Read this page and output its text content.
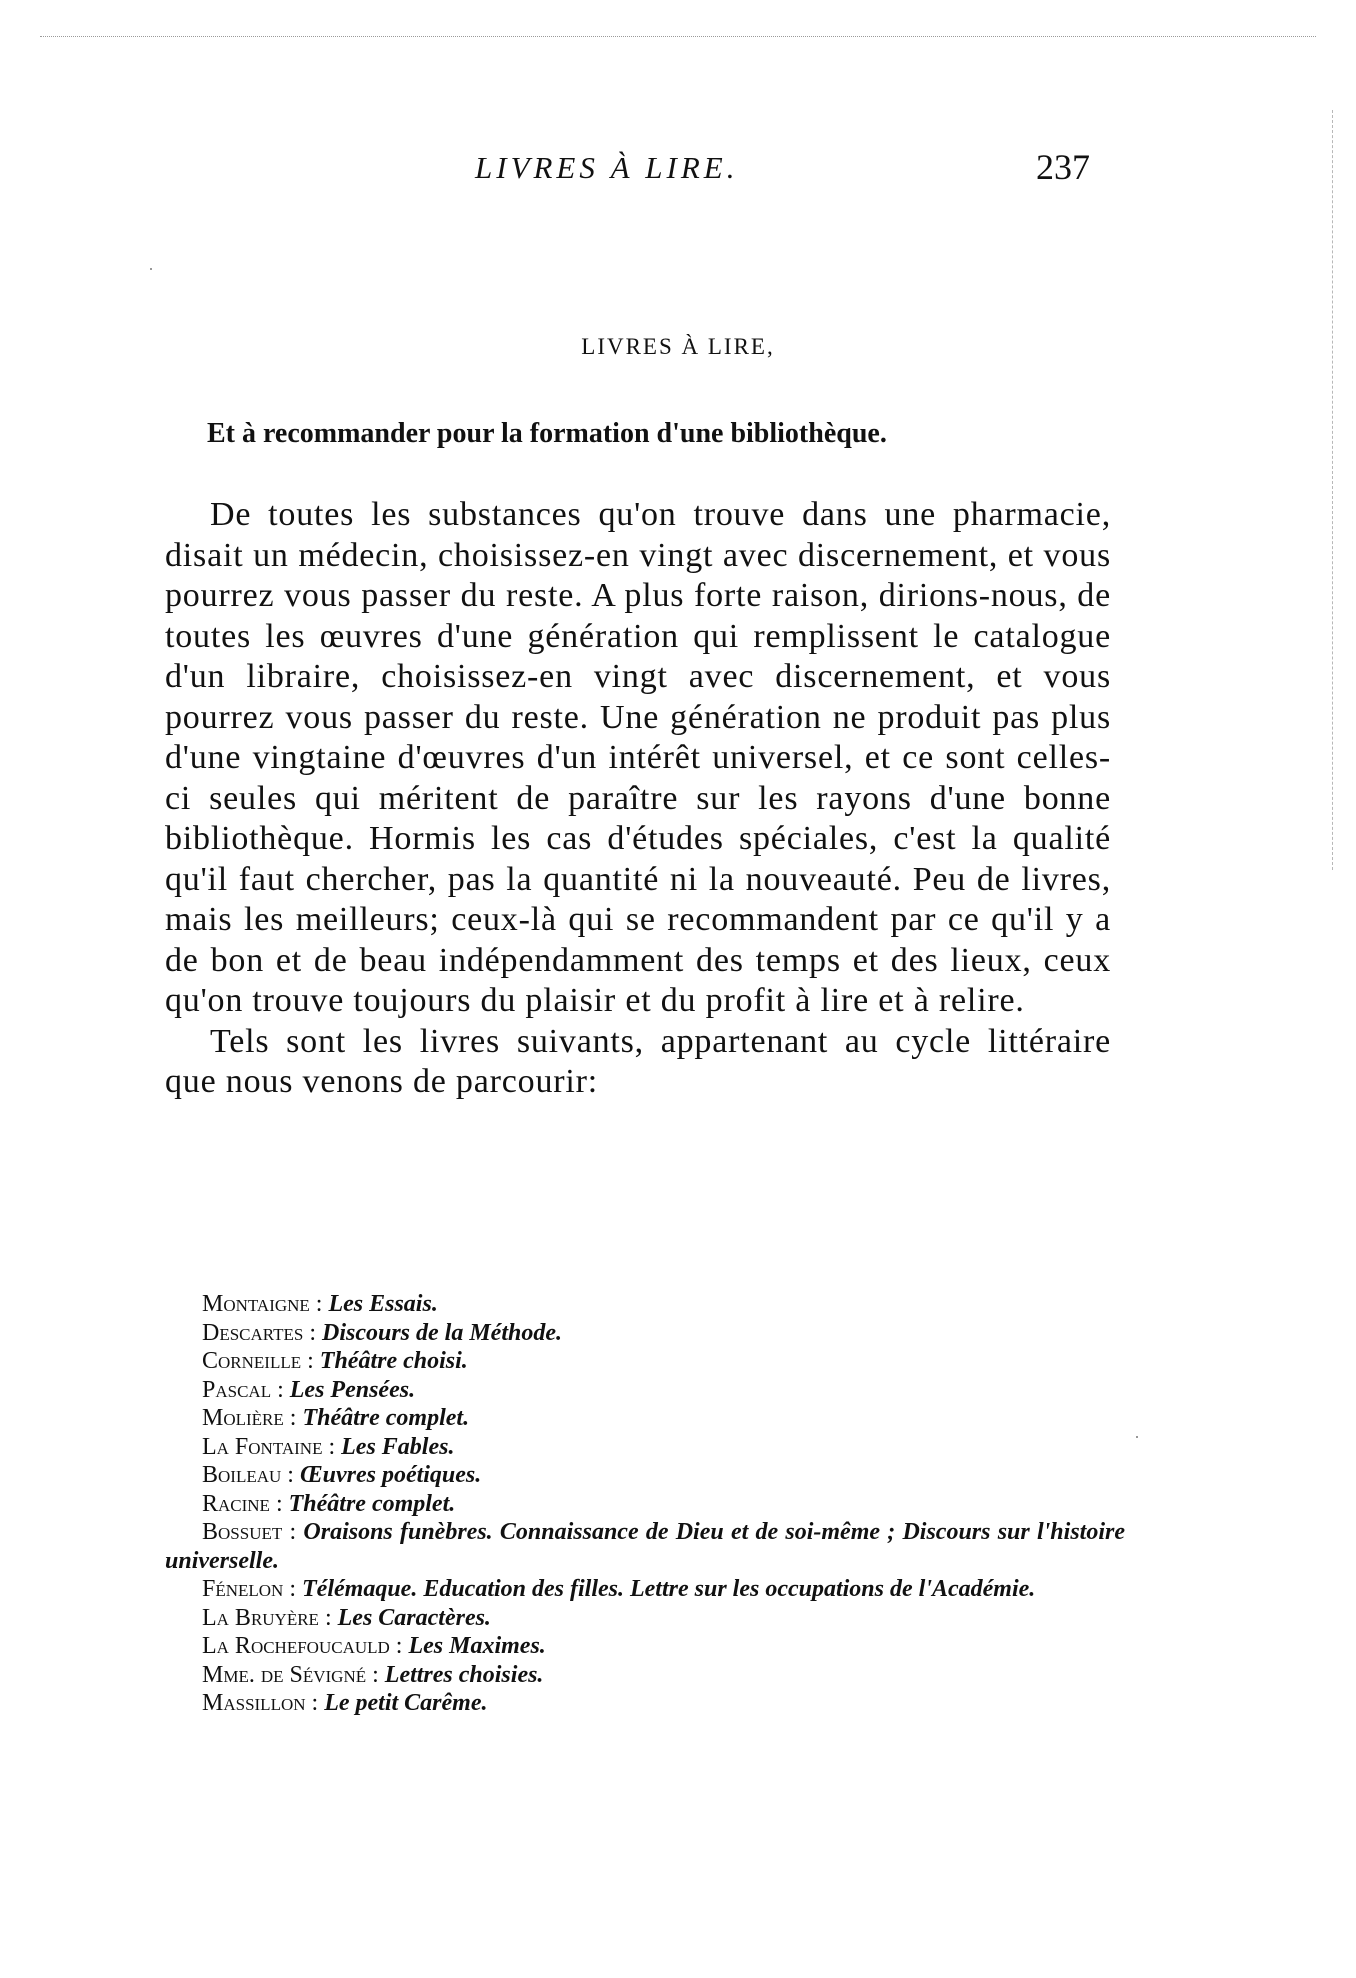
LIVRES À LIRE.	237
LIVRES À LIRE,
Et à recommander pour la formation d'une bibliothèque.

De toutes les substances qu'on trouve dans une pharmacie, disait un médecin, choisissez-en vingt avec discernement, et vous pourrez vous passer du reste. A plus forte raison, dirions-nous, de toutes les œuvres d'une génération qui remplissent le catalogue d'un libraire, choisissez-en vingt avec discernement, et vous pourrez vous passer du reste. Une génération ne produit pas plus d'une vingtaine d'œuvres d'un intérêt universel, et ce sont celles-ci seules qui méritent de paraître sur les rayons d'une bonne bibliothèque. Hormis les cas d'études spéciales, c'est la qualité qu'il faut chercher, pas la quantité ni la nouveauté. Peu de livres, mais les meilleurs; ceux-là qui se recommandent par ce qu'il y a de bon et de beau indépendamment des temps et des lieux, ceux qu'on trouve toujours du plaisir et du profit à lire et à relire.

Tels sont les livres suivants, appartenant au cycle littéraire que nous venons de parcourir:

Montaigne : Les Essais.

Descartes : Discours de la Méthode.

Corneille : Théâtre choisi.

Pascal : Les Pensées.

Molière : Théâtre complet.

La Fontaine : Les Fables.

Boileau : Œuvres poétiques.

Racine : Théâtre complet.

Bossuet : Oraisons funèbres. Connaissance de Dieu et de soi-même ; Discours sur l'histoire universelle.

Fénelon : Télémaque. Education des filles. Lettre sur les occupations de l'Académie.

La Bruyère : Les Caractères.

La Rochefoucauld : Les Maximes.

Mme. de Sévigné : Lettres choisies.

Massillon : Le petit Carême.
